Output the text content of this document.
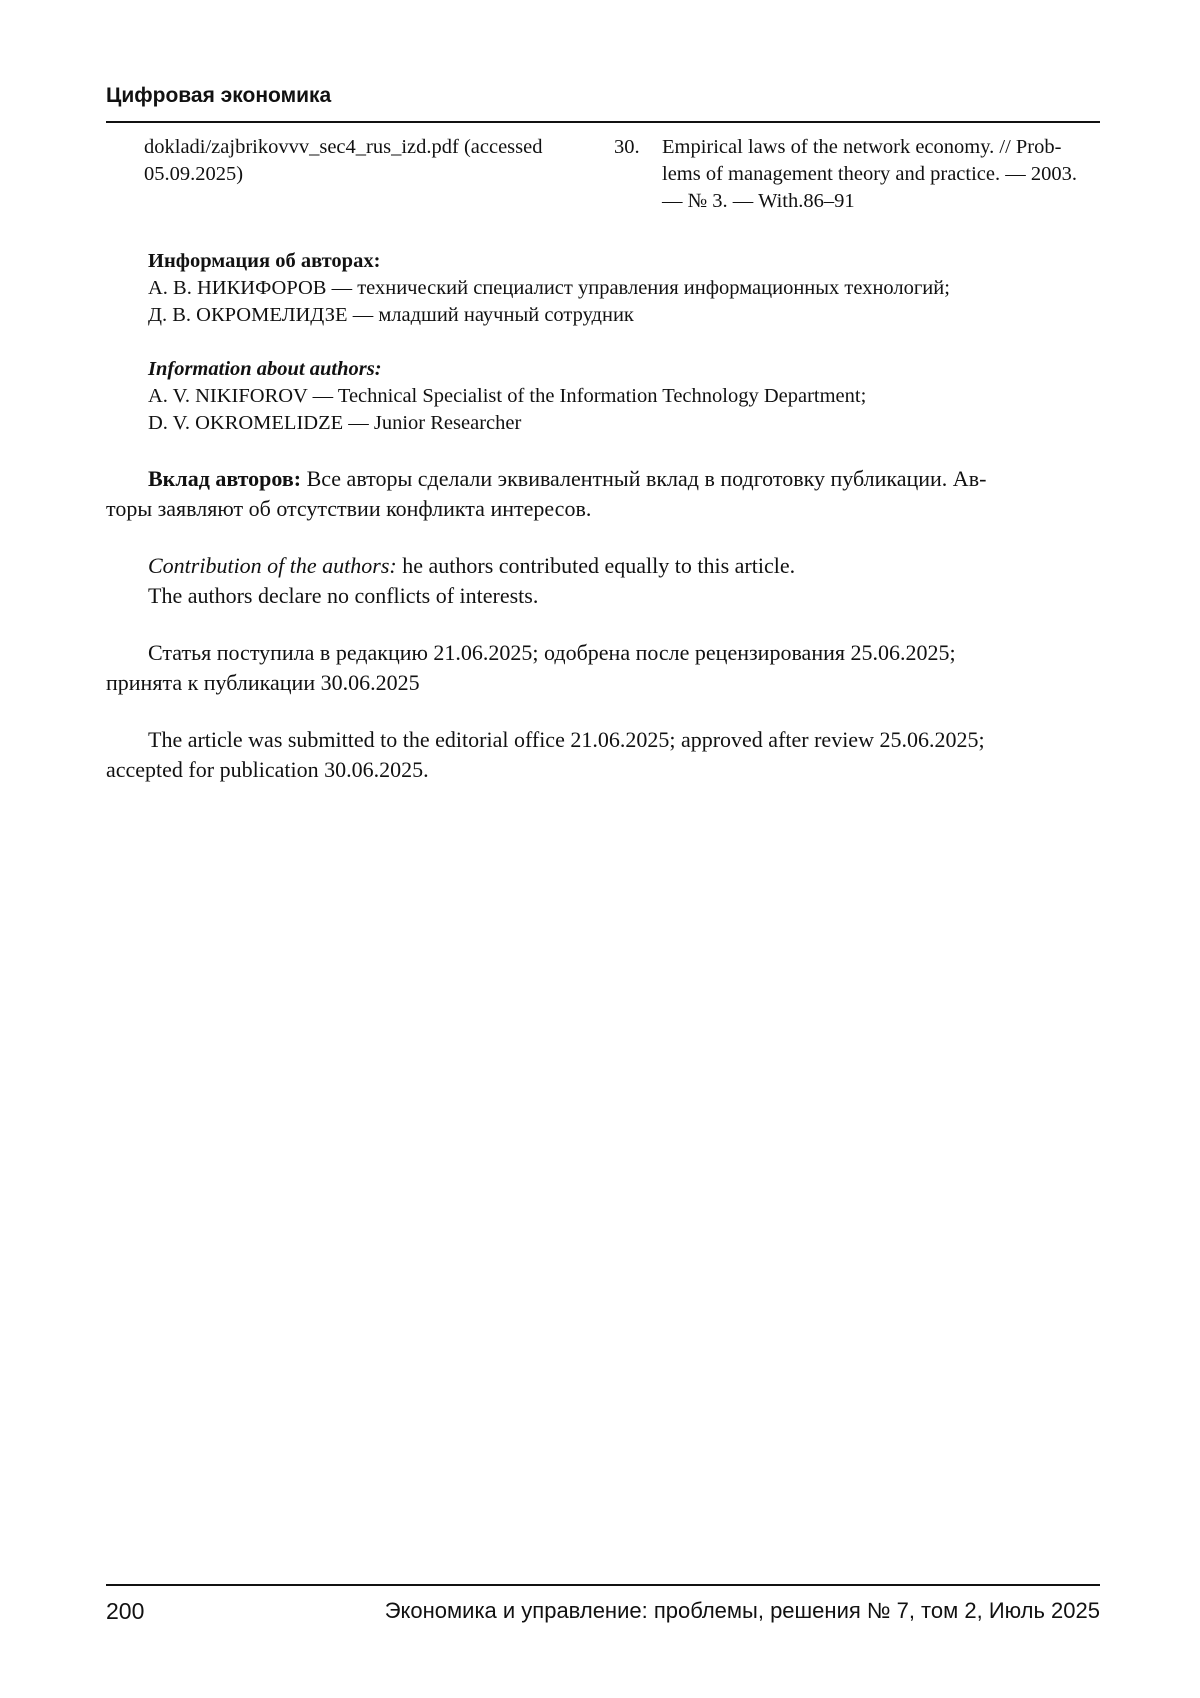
Цифровая экономика
dokladi/zajbrikovvv_sec4_rus_izd.pdf (accessed
05.09.2025)
30. Empirical laws of the network economy. // Prob-
lems of management theory and practice. — 2003.
— № 3. — With.86–91
Информация об авторах:
А. В. НИКИФОРОВ — технический специалист управления информационных технологий;
Д. В. ОКРОМЕЛИДЗЕ — младший научный сотрудник
Information about authors:
A. V. NIKIFOROV — Technical Specialist of the Information Technology Department;
D. V. OKROMELIDZE — Junior Researcher
Вклад авторов: Все авторы сделали эквивалентный вклад в подготовку публикации. Ав-
торы заявляют об отсутствии конфликта интересов.
Contribution of the authors: he authors contributed equally to this article.
The authors declare no conflicts of interests.
Статья поступила в редакцию 21.06.2025; одобрена после рецензирования 25.06.2025;
принята к публикации 30.06.2025
The article was submitted to the editorial office 21.06.2025; approved after review 25.06.2025;
accepted for publication 30.06.2025.
200	Экономика и управление: проблемы, решения № 7, том 2, Июль 2025
